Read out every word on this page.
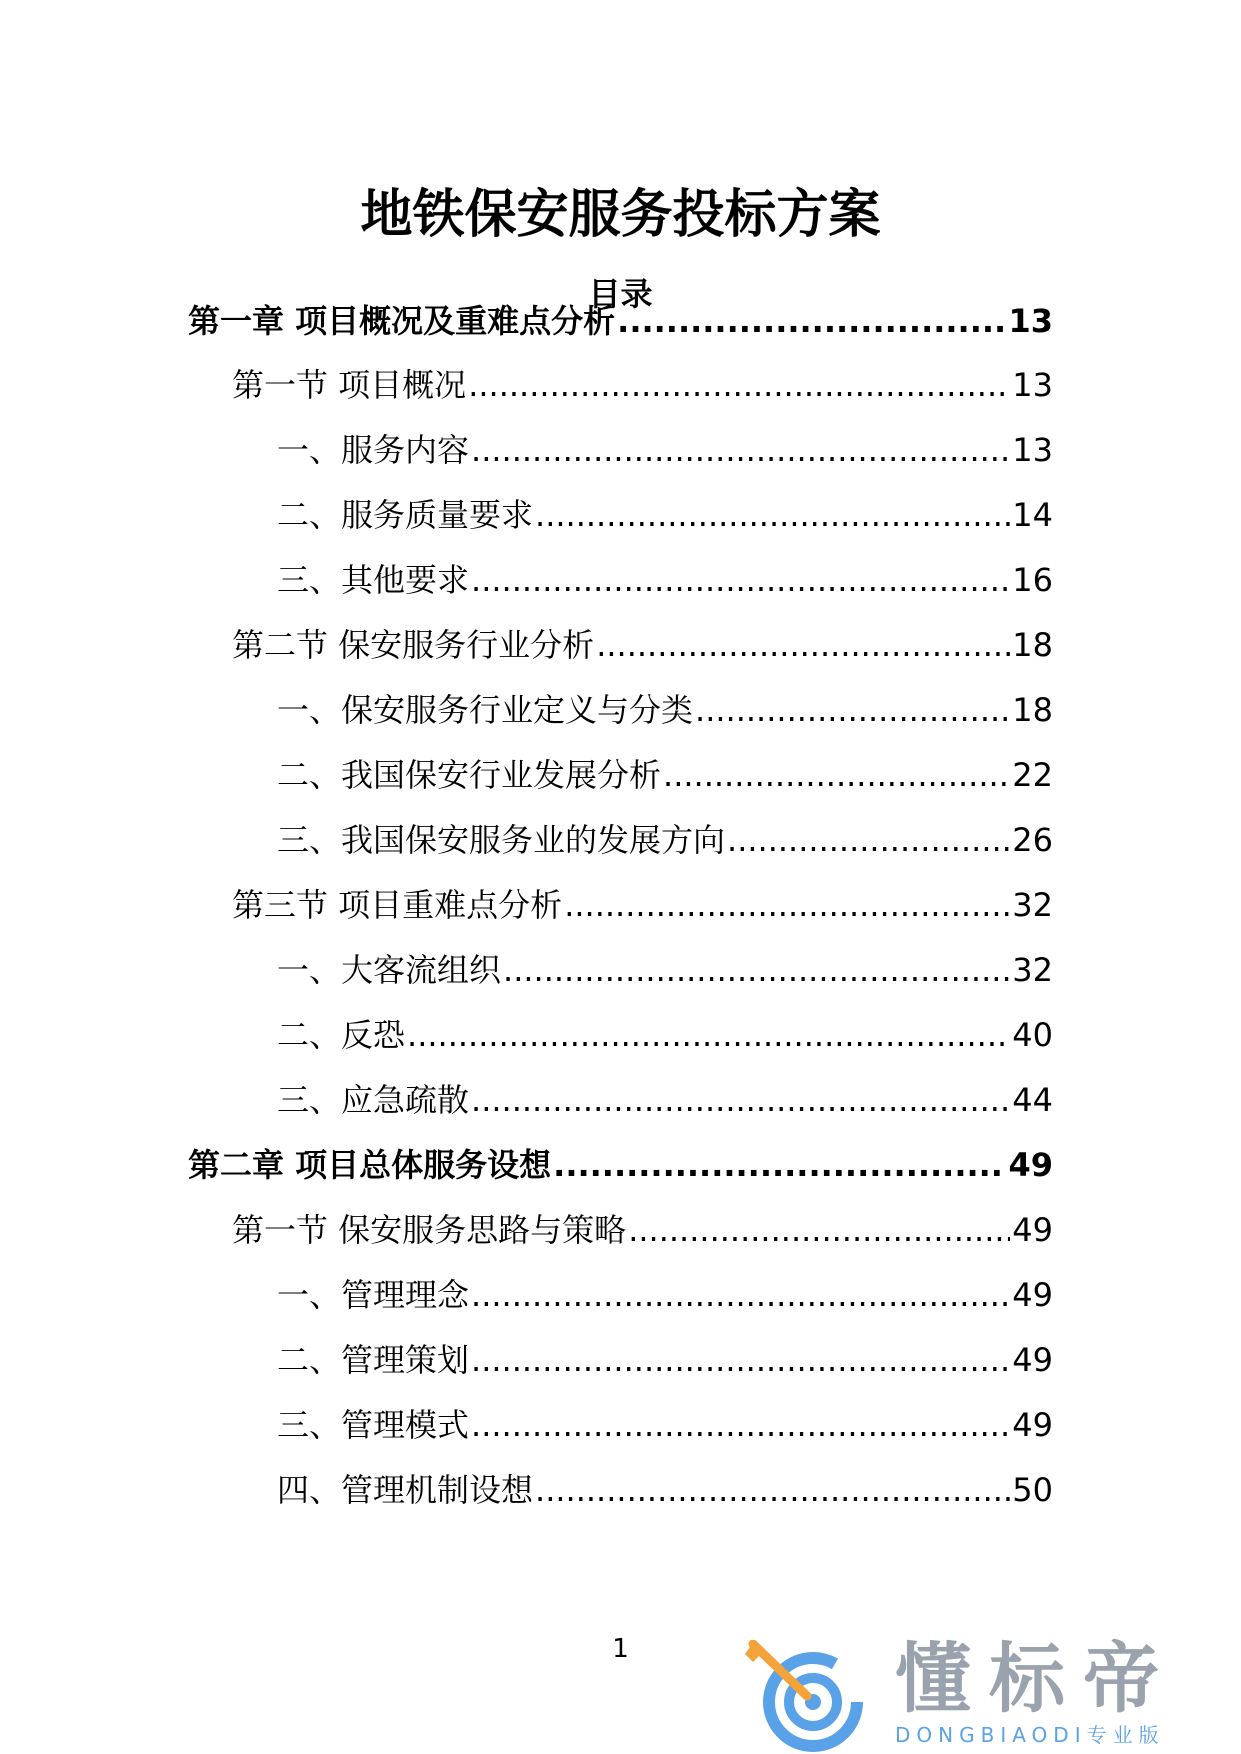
地铁保安服务投标方案
目录
第一章 项目概况及重难点分析 .....	13
第一节 项目概况 .....	13
一、服务内容 .....	13
二、服务质量要求 .....	14
三、其他要求 .....	16
第二节 保安服务行业分析 .....	18
一、保安服务行业定义与分类 .....	18
二、我国保安行业发展分析 .....	22
三、我国保安服务业的发展方向 .....	26
第三节 项目重难点分析 .....	32
一、大客流组织 .....	32
二、反恐 .....	40
三、应急疏散 .....	44
第二章 项目总体服务设想 .....	49
第一节 保安服务思路与策略 .....	49
一、管理理念 .....	49
二、管理策划 .....	49
三、管理模式 .....	49
四、管理机制设想 .....	50
1	懂标帝
DONGBIAODI专业版
